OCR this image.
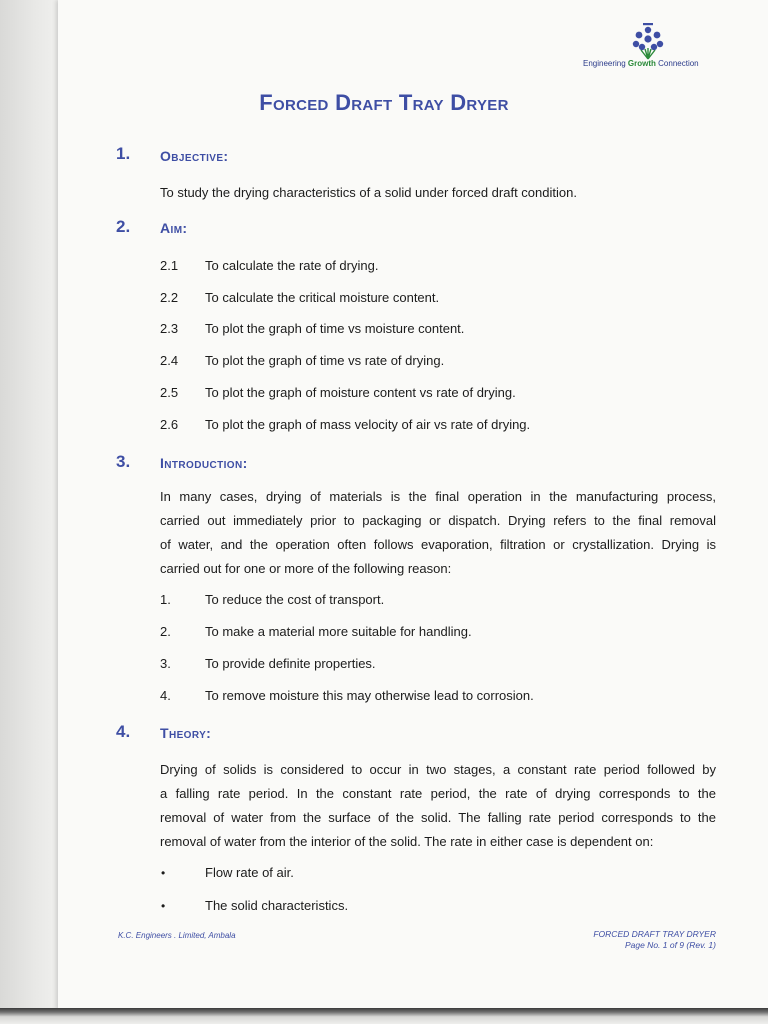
Engineering Growth Connection
Forced Draft Tray Dryer
1. Objective:
To study the drying characteristics of a solid under forced draft condition.
2. Aim:
2.1 To calculate the rate of drying.
2.2 To calculate the critical moisture content.
2.3 To plot the graph of time vs moisture content.
2.4 To plot the graph of time vs rate of drying.
2.5 To plot the graph of moisture content vs rate of drying.
2.6 To plot the graph of mass velocity of air vs rate of drying.
3. Introduction:
In many cases, drying of materials is the final operation in the manufacturing process,
carried out immediately prior to packaging or dispatch. Drying refers to the final removal
of water, and the operation often follows evaporation, filtration or crystallization. Drying is
carried out for one or more of the following reason:
1.	To reduce the cost of transport.
2.	To make a material more suitable for handling.
3.	To provide definite properties.
4.	To remove moisture this may otherwise lead to corrosion.
4. Theory:
Drying of solids is considered to occur in two stages, a constant rate period followed by
a falling rate period. In the constant rate period, the rate of drying corresponds to the
removal of water from the surface of the solid. The falling rate period corresponds to the
removal of water from the interior of the solid. The rate in either case is dependent on:
•	Flow rate of air.
•	The solid characteristics.
K.C. Engineers . Limited, Ambala	FORCED DRAFT TRAY DRYER
Page No. 1 of 9 (Rev. 1)
